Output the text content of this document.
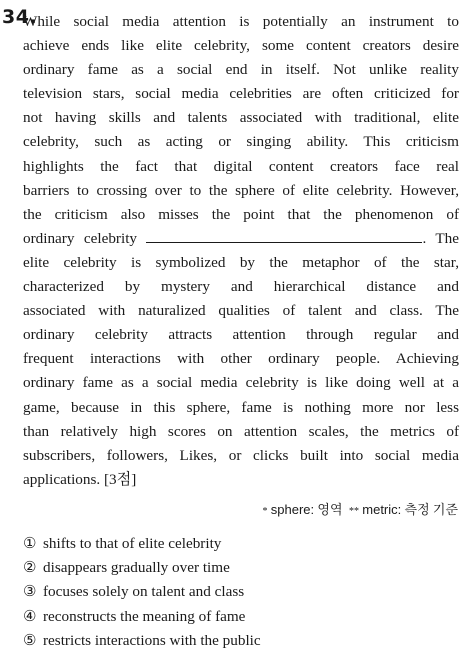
34.
While social media attention is potentially an instrument to
achieve ends like elite celebrity, some content creators desire
ordinary fame as a social end in itself. Not unlike reality
television stars, social media celebrities are often criticized for
not having skills and talents associated with traditional, elite
celebrity, such as acting or singing ability. This criticism
highlights the fact that digital content creators face real
barriers to crossing over to the sphere of elite celebrity. However,
the criticism also misses the point that the phenomenon of
ordinary celebrity	. The
elite celebrity is symbolized by the metaphor of the star,
characterized by mystery and hierarchical distance and
associated with naturalized qualities of talent and class. The
ordinary celebrity attracts attention through regular and
frequent interactions with other ordinary people. Achieving
ordinary fame as a social media celebrity is like doing well at a
game, because in this sphere, fame is nothing more nor less
than relatively high scores on attention scales, the metrics of
subscribers, followers, Likes, or clicks built into social media
applications. [3점]
* sphere: 영역 ** metric: 측정 기준
① shifts to that of elite celebrity
② disappears gradually over time
③ focuses solely on talent and class
④ reconstructs the meaning of fame
⑤ restricts interactions with the public
